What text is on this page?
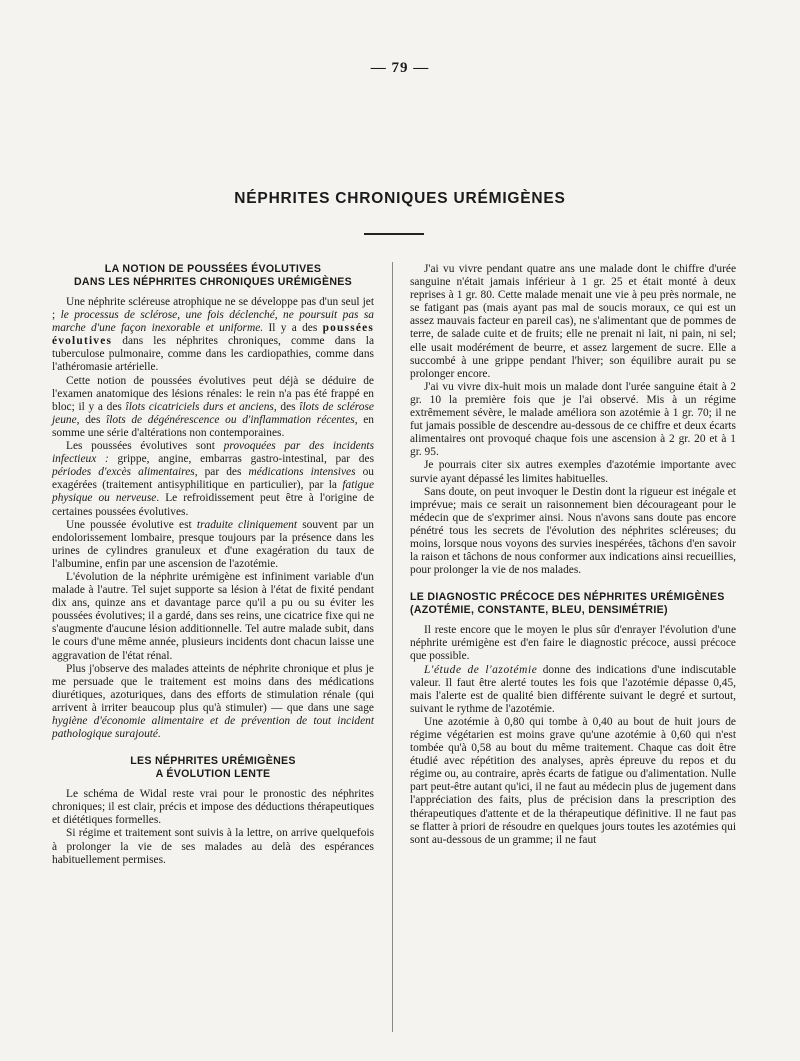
— 79 —
NÉPHRITES CHRONIQUES URÉMIGÈNES
LA NOTION DE POUSSÉES ÉVOLUTIVES
DANS LES NÉPHRITES CHRONIQUES URÉMIGÈNES

Une néphrite scléreuse atrophique ne se développe pas d'un seul jet ; le processus de sclérose, une fois déclenché, ne poursuit pas sa marche d'une façon inexorable et uniforme. Il y a des poussées évolutives dans les néphrites chroniques, comme dans la tuberculose pulmonaire, comme dans les cardiopathies, comme dans l'athéromasie artérielle.

Cette notion de poussées évolutives peut déjà se déduire de l'examen anatomique des lésions rénales: le rein n'a pas été frappé en bloc; il y a des îlots cicatriciels durs et anciens, des îlots de sclérose jeune, des îlots de dégénérescence ou d'inflammation récentes, en somme une série d'altérations non contemporaines.

Les poussées évolutives sont provoquées par des incidents infectieux : grippe, angine, embarras gastro-intestinal, par des périodes d'excès alimentaires, par des médications intensives ou exagérées (traitement antisyphilitique en particulier), par la fatigue physique ou nerveuse. Le refroidissement peut être à l'origine de certaines poussées évolutives.

Une poussée évolutive est traduite cliniquement souvent par un endolorissement lombaire, presque toujours par la présence dans les urines de cylindres granuleux et d'une exagération du taux de l'albumine, enfin par une ascension de l'azotémie.

L'évolution de la néphrite urémigène est infiniment variable d'un malade à l'autre. Tel sujet supporte sa lésion à l'état de fixité pendant dix ans, quinze ans et davantage parce qu'il a pu ou su éviter les poussées évolutives; il a gardé, dans ses reins, une cicatrice fixe qui ne s'augmente d'aucune lésion additionnelle. Tel autre malade subit, dans le cours d'une même année, plusieurs incidents dont chacun laisse une aggravation de l'état rénal.

Plus j'observe des malades atteints de néphrite chronique et plus je me persuade que le traitement est moins dans des médications diurétiques, azoturiques, dans des efforts de stimulation rénale (qui arrivent à irriter beaucoup plus qu'à stimuler) — que dans une sage hygiène d'économie alimentaire et de prévention de tout incident pathologique surajouté.

LES NÉPHRITES URÉMIGÈNES
A ÉVOLUTION LENTE

Le schéma de Widal reste vrai pour le pronostic des néphrites chroniques; il est clair, précis et impose des déductions thérapeutiques et diététiques formelles.

Si régime et traitement sont suivis à la lettre, on arrive quelquefois à prolonger la vie de ses malades au delà des espérances habituellement permises.

J'ai vu vivre pendant quatre ans une malade dont le chiffre d'urée sanguine n'était jamais inférieur à 1 gr. 25 et était monté à deux reprises à 1 gr. 80. Cette malade menait une vie à peu près normale, ne se fatigant pas (mais ayant pas mal de soucis moraux, ce qui est un assez mauvais facteur en pareil cas), ne s'alimentant que de pommes de terre, de salade cuite et de fruits; elle ne prenait ni lait, ni pain, ni sel; elle usait modérément de beurre, et assez largement de sucre. Elle a succombé à une grippe pendant l'hiver; son équilibre aurait pu se prolonger encore.

J'ai vu vivre dix-huit mois un malade dont l'urée sanguine était à 2 gr. 10 la première fois que je l'ai observé. Mis à un régime extrêmement sévère, le malade améliora son azotémie à 1 gr. 70; il ne fut jamais possible de descendre au-dessous de ce chiffre et deux écarts alimentaires ont provoqué chaque fois une ascension à 2 gr. 20 et à 1 gr. 95.

Je pourrais citer six autres exemples d'azotémie importante avec survie ayant dépassé les limites habituelles.

Sans doute, on peut invoquer le Destin dont la rigueur est inégale et imprévue; mais ce serait un raisonnement bien décourageant pour le médecin que de s'exprimer ainsi. Nous n'avons sans doute pas encore pénétré tous les secrets de l'évolution des néphrites scléreuses; du moins, lorsque nous voyons des survies inespérées, tâchons d'en savoir la raison et tâchons de nous conformer aux indications ainsi recueillies, pour prolonger la vie de nos malades.

LE DIAGNOSTIC PRÉCOCE DES NÉPHRITES URÉMIGÈNES (AZOTÉMIE, CONSTANTE, BLEU, DENSIMÉTRIE)

Il reste encore que le moyen le plus sûr d'enrayer l'évolution d'une néphrite urémigène est d'en faire le diagnostic précoce, aussi précoce que possible.

L'étude de l'azotémie donne des indications d'une indiscutable valeur. Il faut être alerté toutes les fois que l'azotémie dépasse 0,45, mais l'alerte est de qualité bien différente suivant le degré et surtout, suivant le rythme de l'azotémie.

Une azotémie à 0,80 qui tombe à 0,40 au bout de huit jours de régime végétarien est moins grave qu'une azotémie à 0,60 qui n'est tombée qu'à 0,58 au bout du même traitement. Chaque cas doit être étudié avec répétition des analyses, après épreuve du repos et du régime ou, au contraire, après écarts de fatigue ou d'alimentation. Nulle part peut-être autant qu'ici, il ne faut au médecin plus de jugement dans l'appréciation des faits, plus de précision dans la prescription des thérapeutiques d'attente et de la thérapeutique définitive. Il ne faut pas se flatter à priori de résoudre en quelques jours toutes les azotémies qui sont au-dessous de un gramme; il ne faut
